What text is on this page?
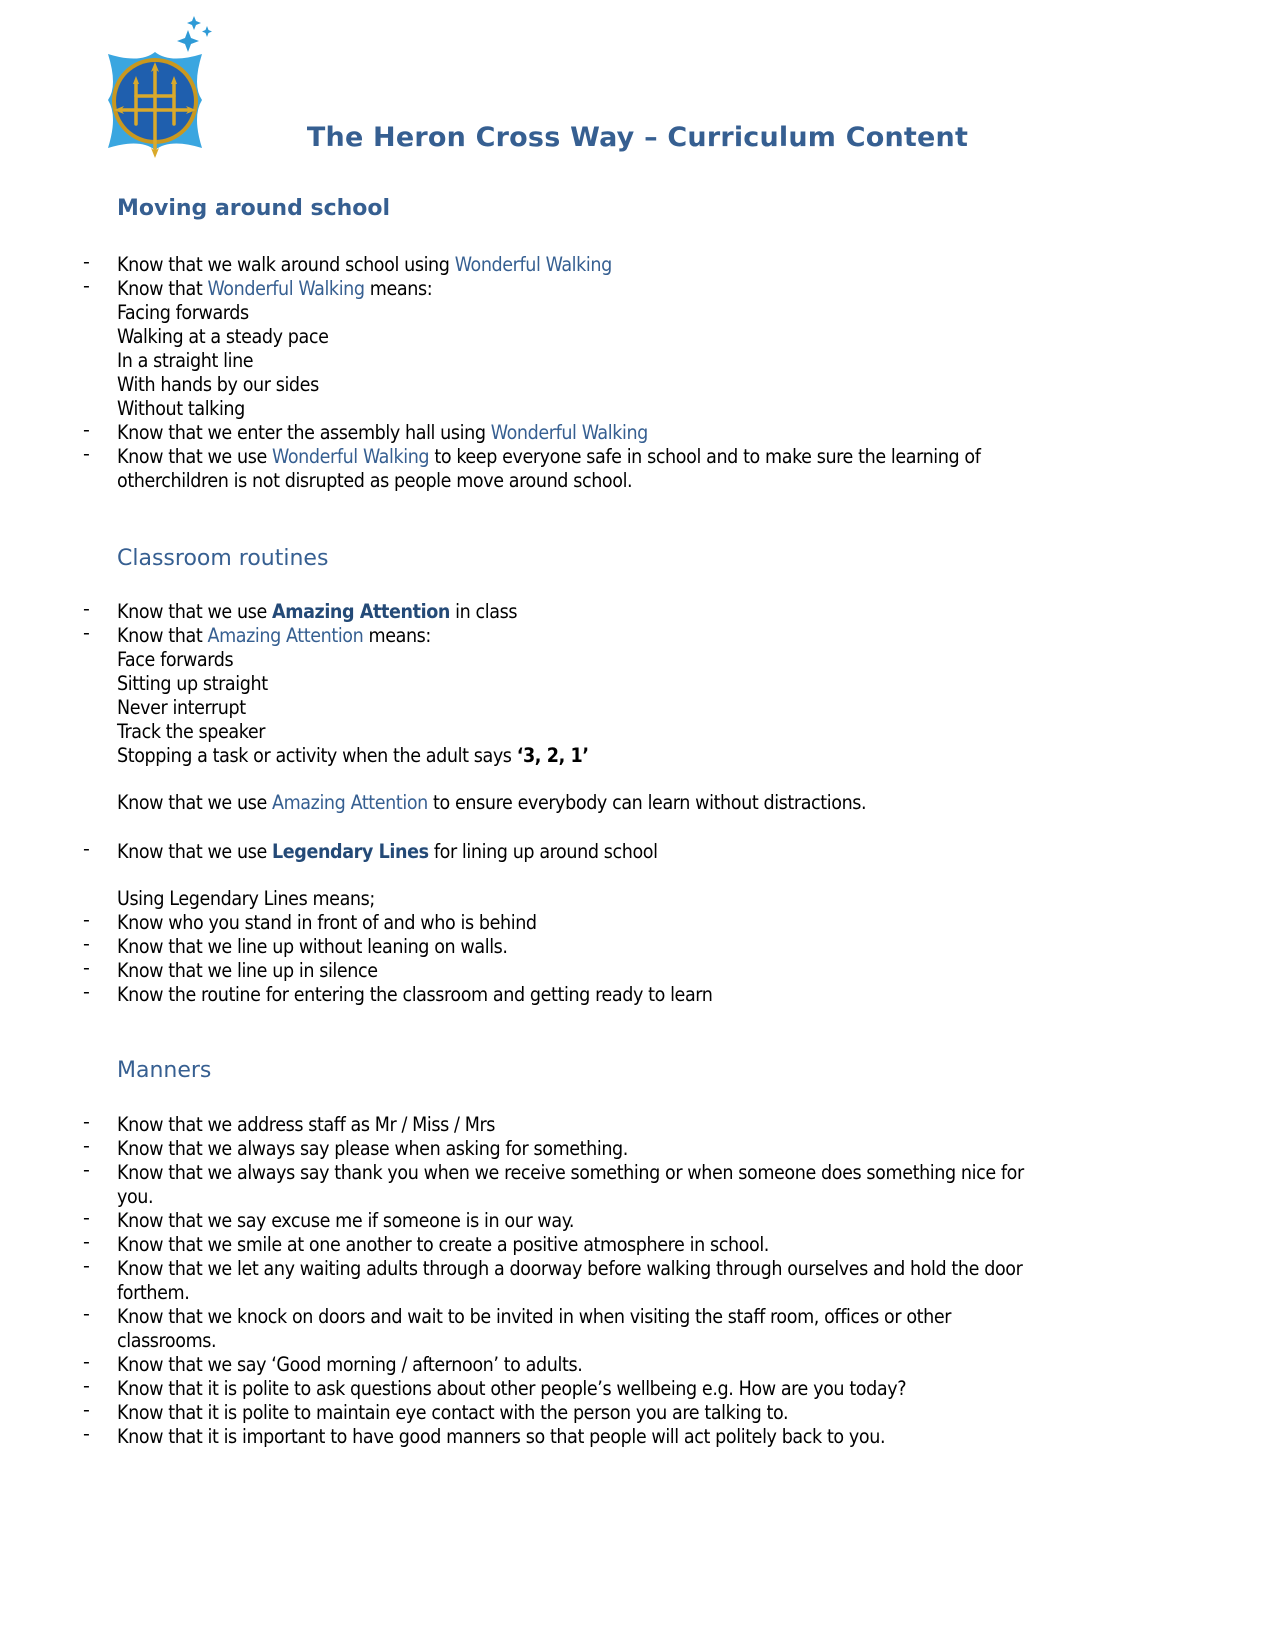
The Heron Cross Way – Curriculum Content
Moving around school
- Know that we walk around school using Wonderful Walking
- Know that Wonderful Walking means:
Facing forwards
Walking at a steady pace
In a straight line
With hands by our sides
Without talking
- Know that we enter the assembly hall using Wonderful Walking
- Know that we use Wonderful Walking to keep everyone safe in school and to make sure the learning of
otherchildren is not disrupted as people move around school.
Classroom routines
- Know that we use Amazing Attention in class
- Know that Amazing Attention means:
Face forwards
Sitting up straight
Never interrupt
Track the speaker
Stopping a task or activity when the adult says ‘3, 2, 1’
Know that we use Amazing Attention to ensure everybody can learn without distractions.
- Know that we use Legendary Lines for lining up around school
Using Legendary Lines means;
- Know who you stand in front of and who is behind
- Know that we line up without leaning on walls.
- Know that we line up in silence
- Know the routine for entering the classroom and getting ready to learn
Manners
- Know that we address staff as Mr / Miss / Mrs
- Know that we always say please when asking for something.
- Know that we always say thank you when we receive something or when someone does something nice for
you.
- Know that we say excuse me if someone is in our way.
- Know that we smile at one another to create a positive atmosphere in school.
- Know that we let any waiting adults through a doorway before walking through ourselves and hold the door
forthem.
- Know that we knock on doors and wait to be invited in when visiting the staff room, offices or other
classrooms.
- Know that we say ‘Good morning / afternoon’ to adults.
- Know that it is polite to ask questions about other people’s wellbeing e.g. How are you today?
- Know that it is polite to maintain eye contact with the person you are talking to.
- Know that it is important to have good manners so that people will act politely back to you.
